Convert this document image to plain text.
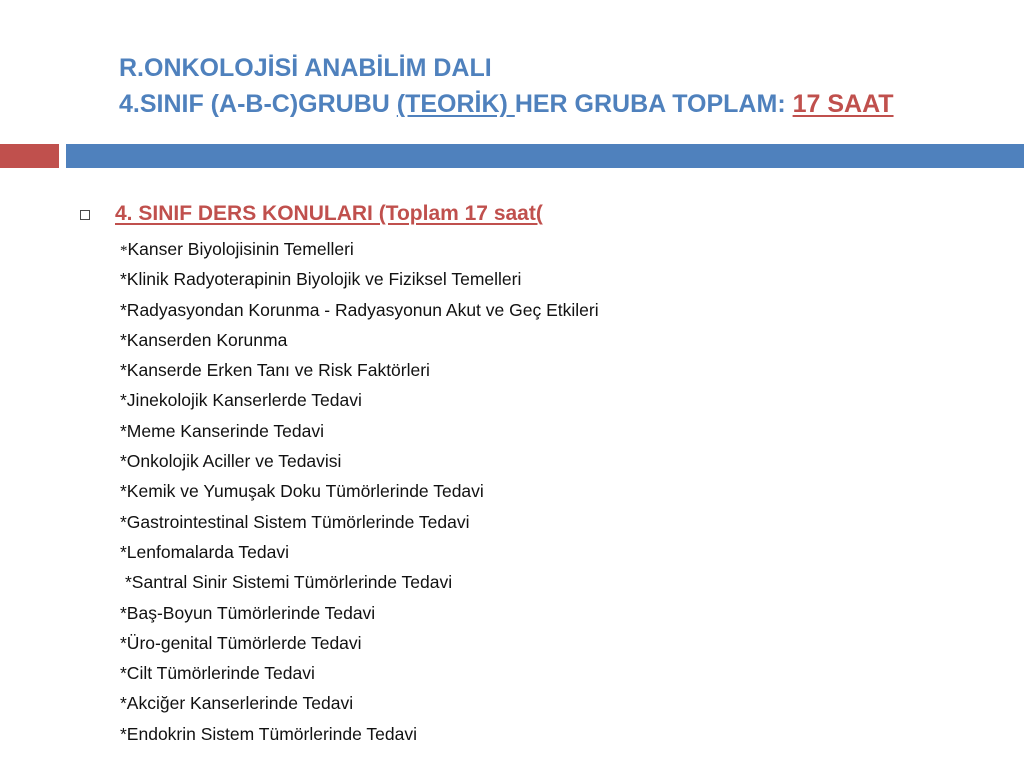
R.ONKOLOJİSİ ANABİLİM DALI
4.SINIF (A-B-C)GRUBU (TEORİK) HER GRUBA TOPLAM: 17 SAAT
4. SINIF DERS KONULARI (Toplam 17 saat(
*Kanser Biyolojisinin Temelleri
*Klinik Radyoterapinin Biyolojik ve Fiziksel Temelleri
*Radyasyondan Korunma - Radyasyonun Akut ve Geç Etkileri
*Kanserden Korunma
*Kanserde Erken Tanı ve Risk Faktörleri
*Jinekolojik Kanserlerde Tedavi
*Meme Kanserinde Tedavi
*Onkolojik Aciller ve Tedavisi
*Kemik ve Yumuşak Doku Tümörlerinde Tedavi
*Gastrointestinal Sistem Tümörlerinde Tedavi
*Lenfomalarda Tedavi
*Santral Sinir Sistemi Tümörlerinde Tedavi
*Baş-Boyun Tümörlerinde Tedavi
*Üro-genital Tümörlerde Tedavi
*Cilt Tümörlerinde Tedavi
*Akciğer Kanserlerinde Tedavi
*Endokrin Sistem Tümörlerinde Tedavi
